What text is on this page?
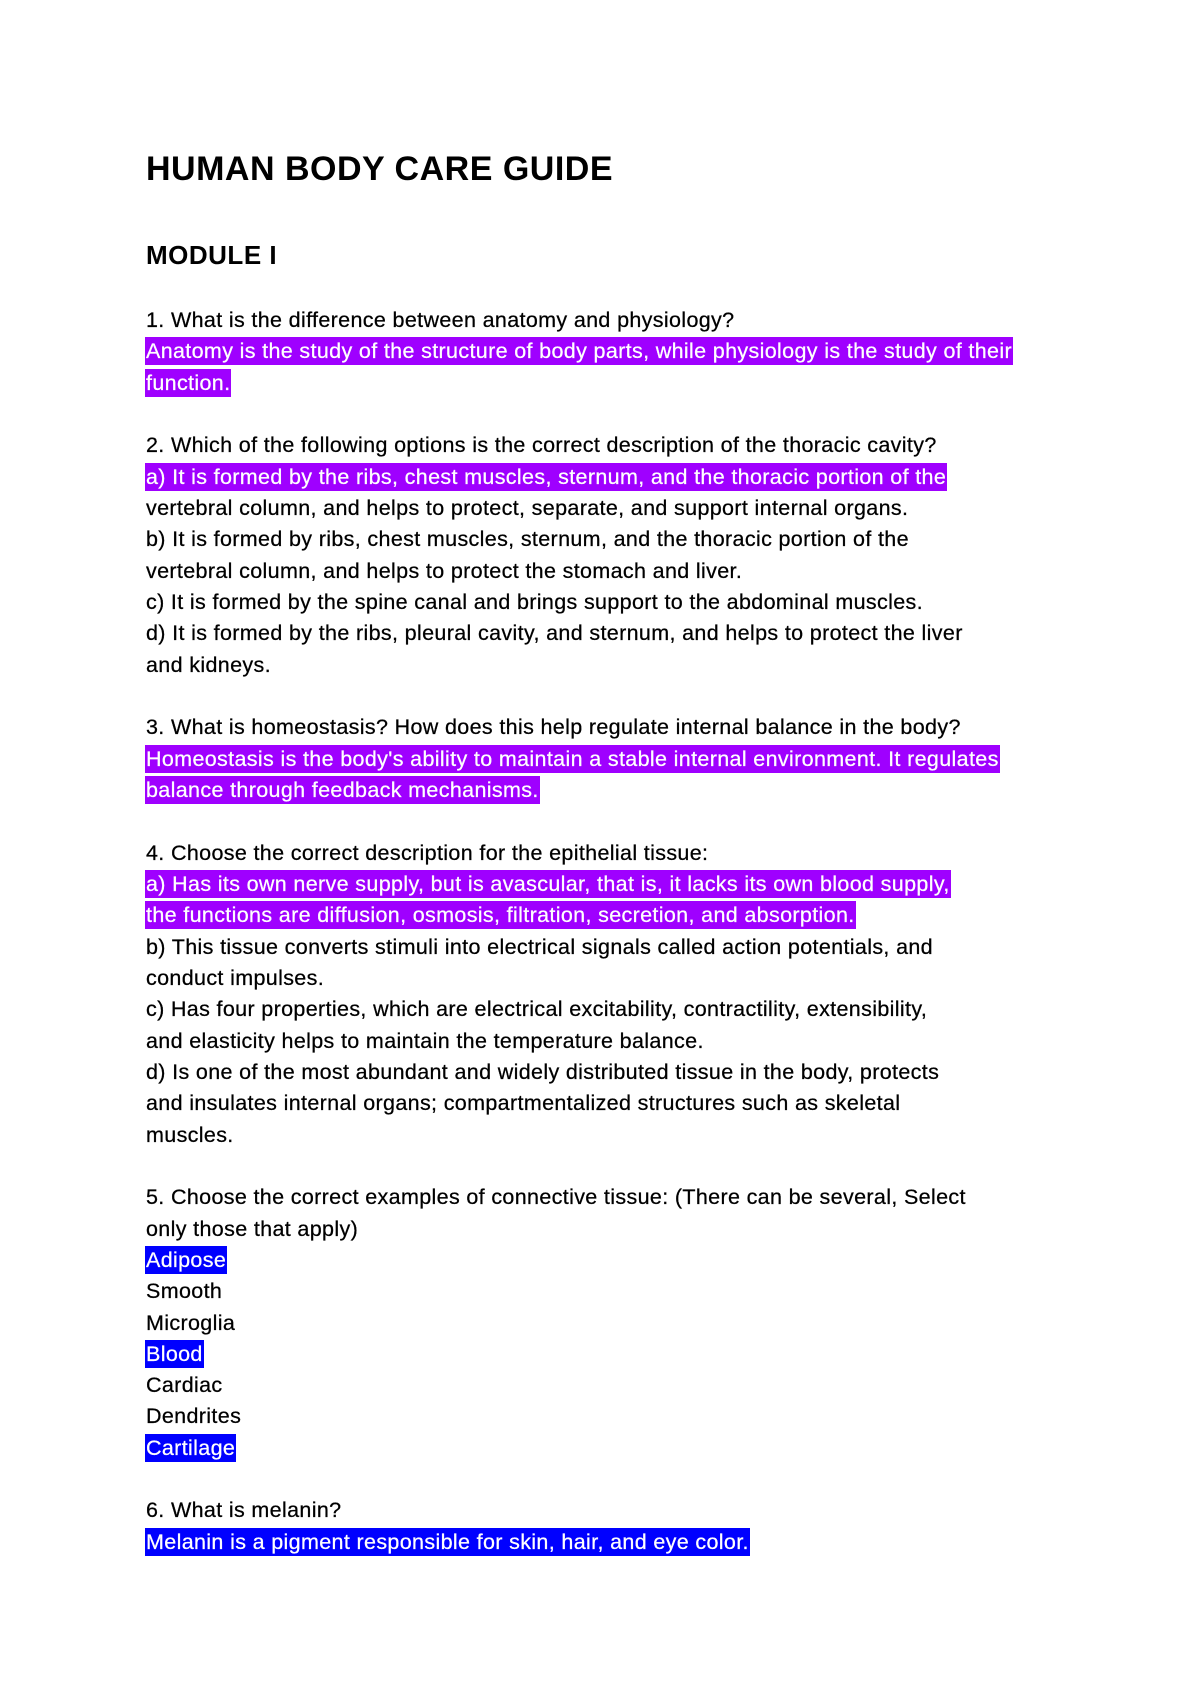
HUMAN BODY CARE GUIDE
MODULE I
1. What is the difference between anatomy and physiology?
Anatomy is the study of the structure of body parts, while physiology is the study of their
function.
2. Which of the following options is the correct description of the thoracic cavity?
a) It is formed by the ribs, chest muscles, sternum, and the thoracic portion of the
vertebral column, and helps to protect, separate, and support internal organs.
b) It is formed by ribs, chest muscles, sternum, and the thoracic portion of the
vertebral column, and helps to protect the stomach and liver.
c) It is formed by the spine canal and brings support to the abdominal muscles.
d) It is formed by the ribs, pleural cavity, and sternum, and helps to protect the liver
and kidneys.
3. What is homeostasis? How does this help regulate internal balance in the body?
Homeostasis is the body's ability to maintain a stable internal environment. It regulates
balance through feedback mechanisms.
4. Choose the correct description for the epithelial tissue:
a) Has its own nerve supply, but is avascular, that is, it lacks its own blood supply,
the functions are diffusion, osmosis, filtration, secretion, and absorption.
b) This tissue converts stimuli into electrical signals called action potentials, and
conduct impulses.
c) Has four properties, which are electrical excitability, contractility, extensibility,
and elasticity helps to maintain the temperature balance.
d) Is one of the most abundant and widely distributed tissue in the body, protects
and insulates internal organs; compartmentalized structures such as skeletal
muscles.
5. Choose the correct examples of connective tissue: (There can be several, Select
only those that apply)
Adipose
Smooth
Microglia
Blood
Cardiac
Dendrites
Cartilage
6. What is melanin?
Melanin is a pigment responsible for skin, hair, and eye color.
